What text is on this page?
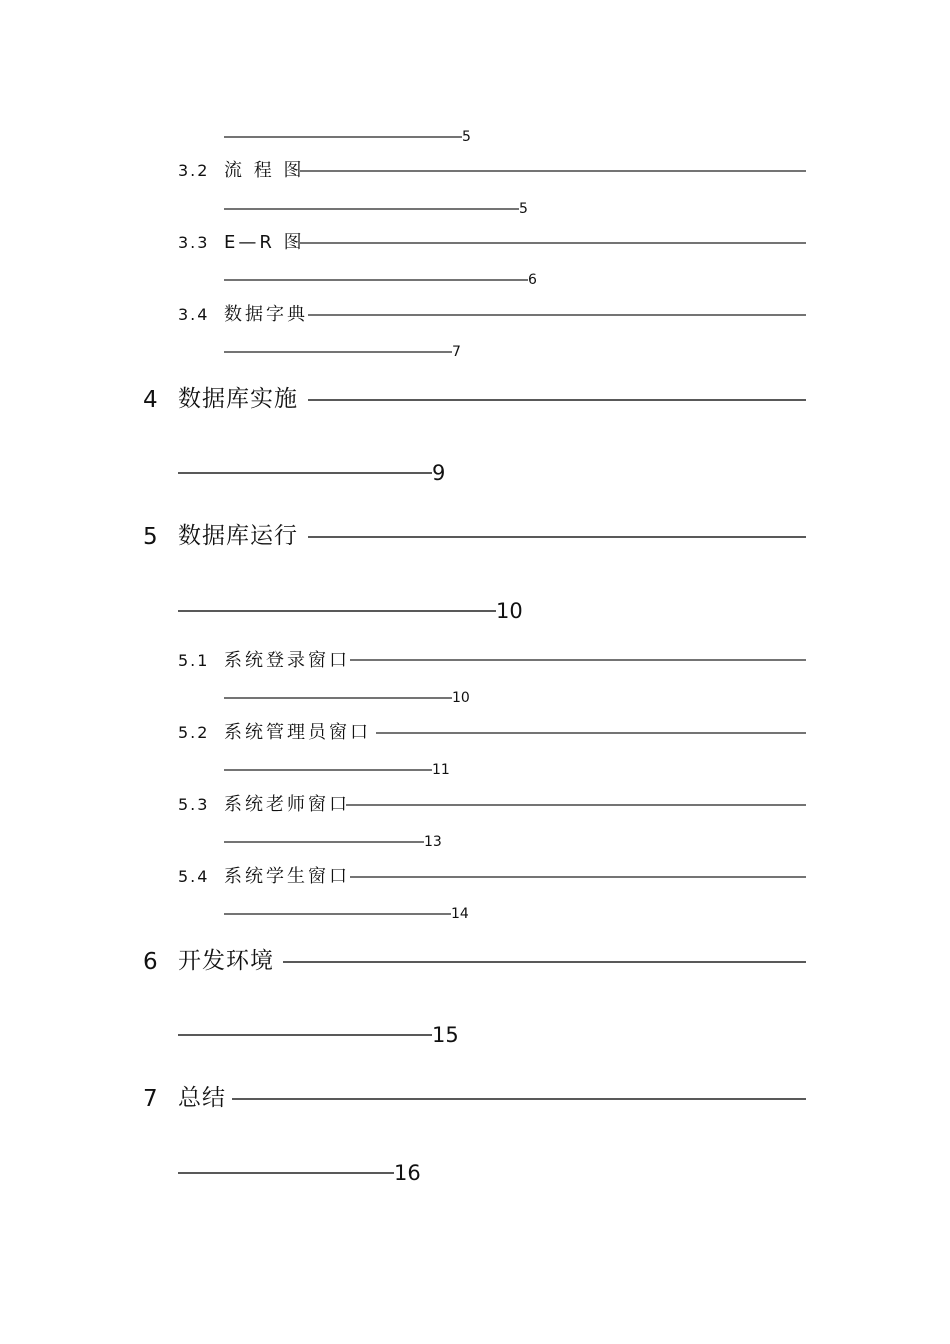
5
3.2 流 程 图
5
3.3 E—R 图
6
3.4 数据字典
7
4 数据库实施
9
5 数据库运行
10
5.1 系统登录窗口
10
5.2 系统管理员窗口
11
5.3 系统老师窗口
13
5.4 系统学生窗口
14
6 开发环境
15
7 总结
16
